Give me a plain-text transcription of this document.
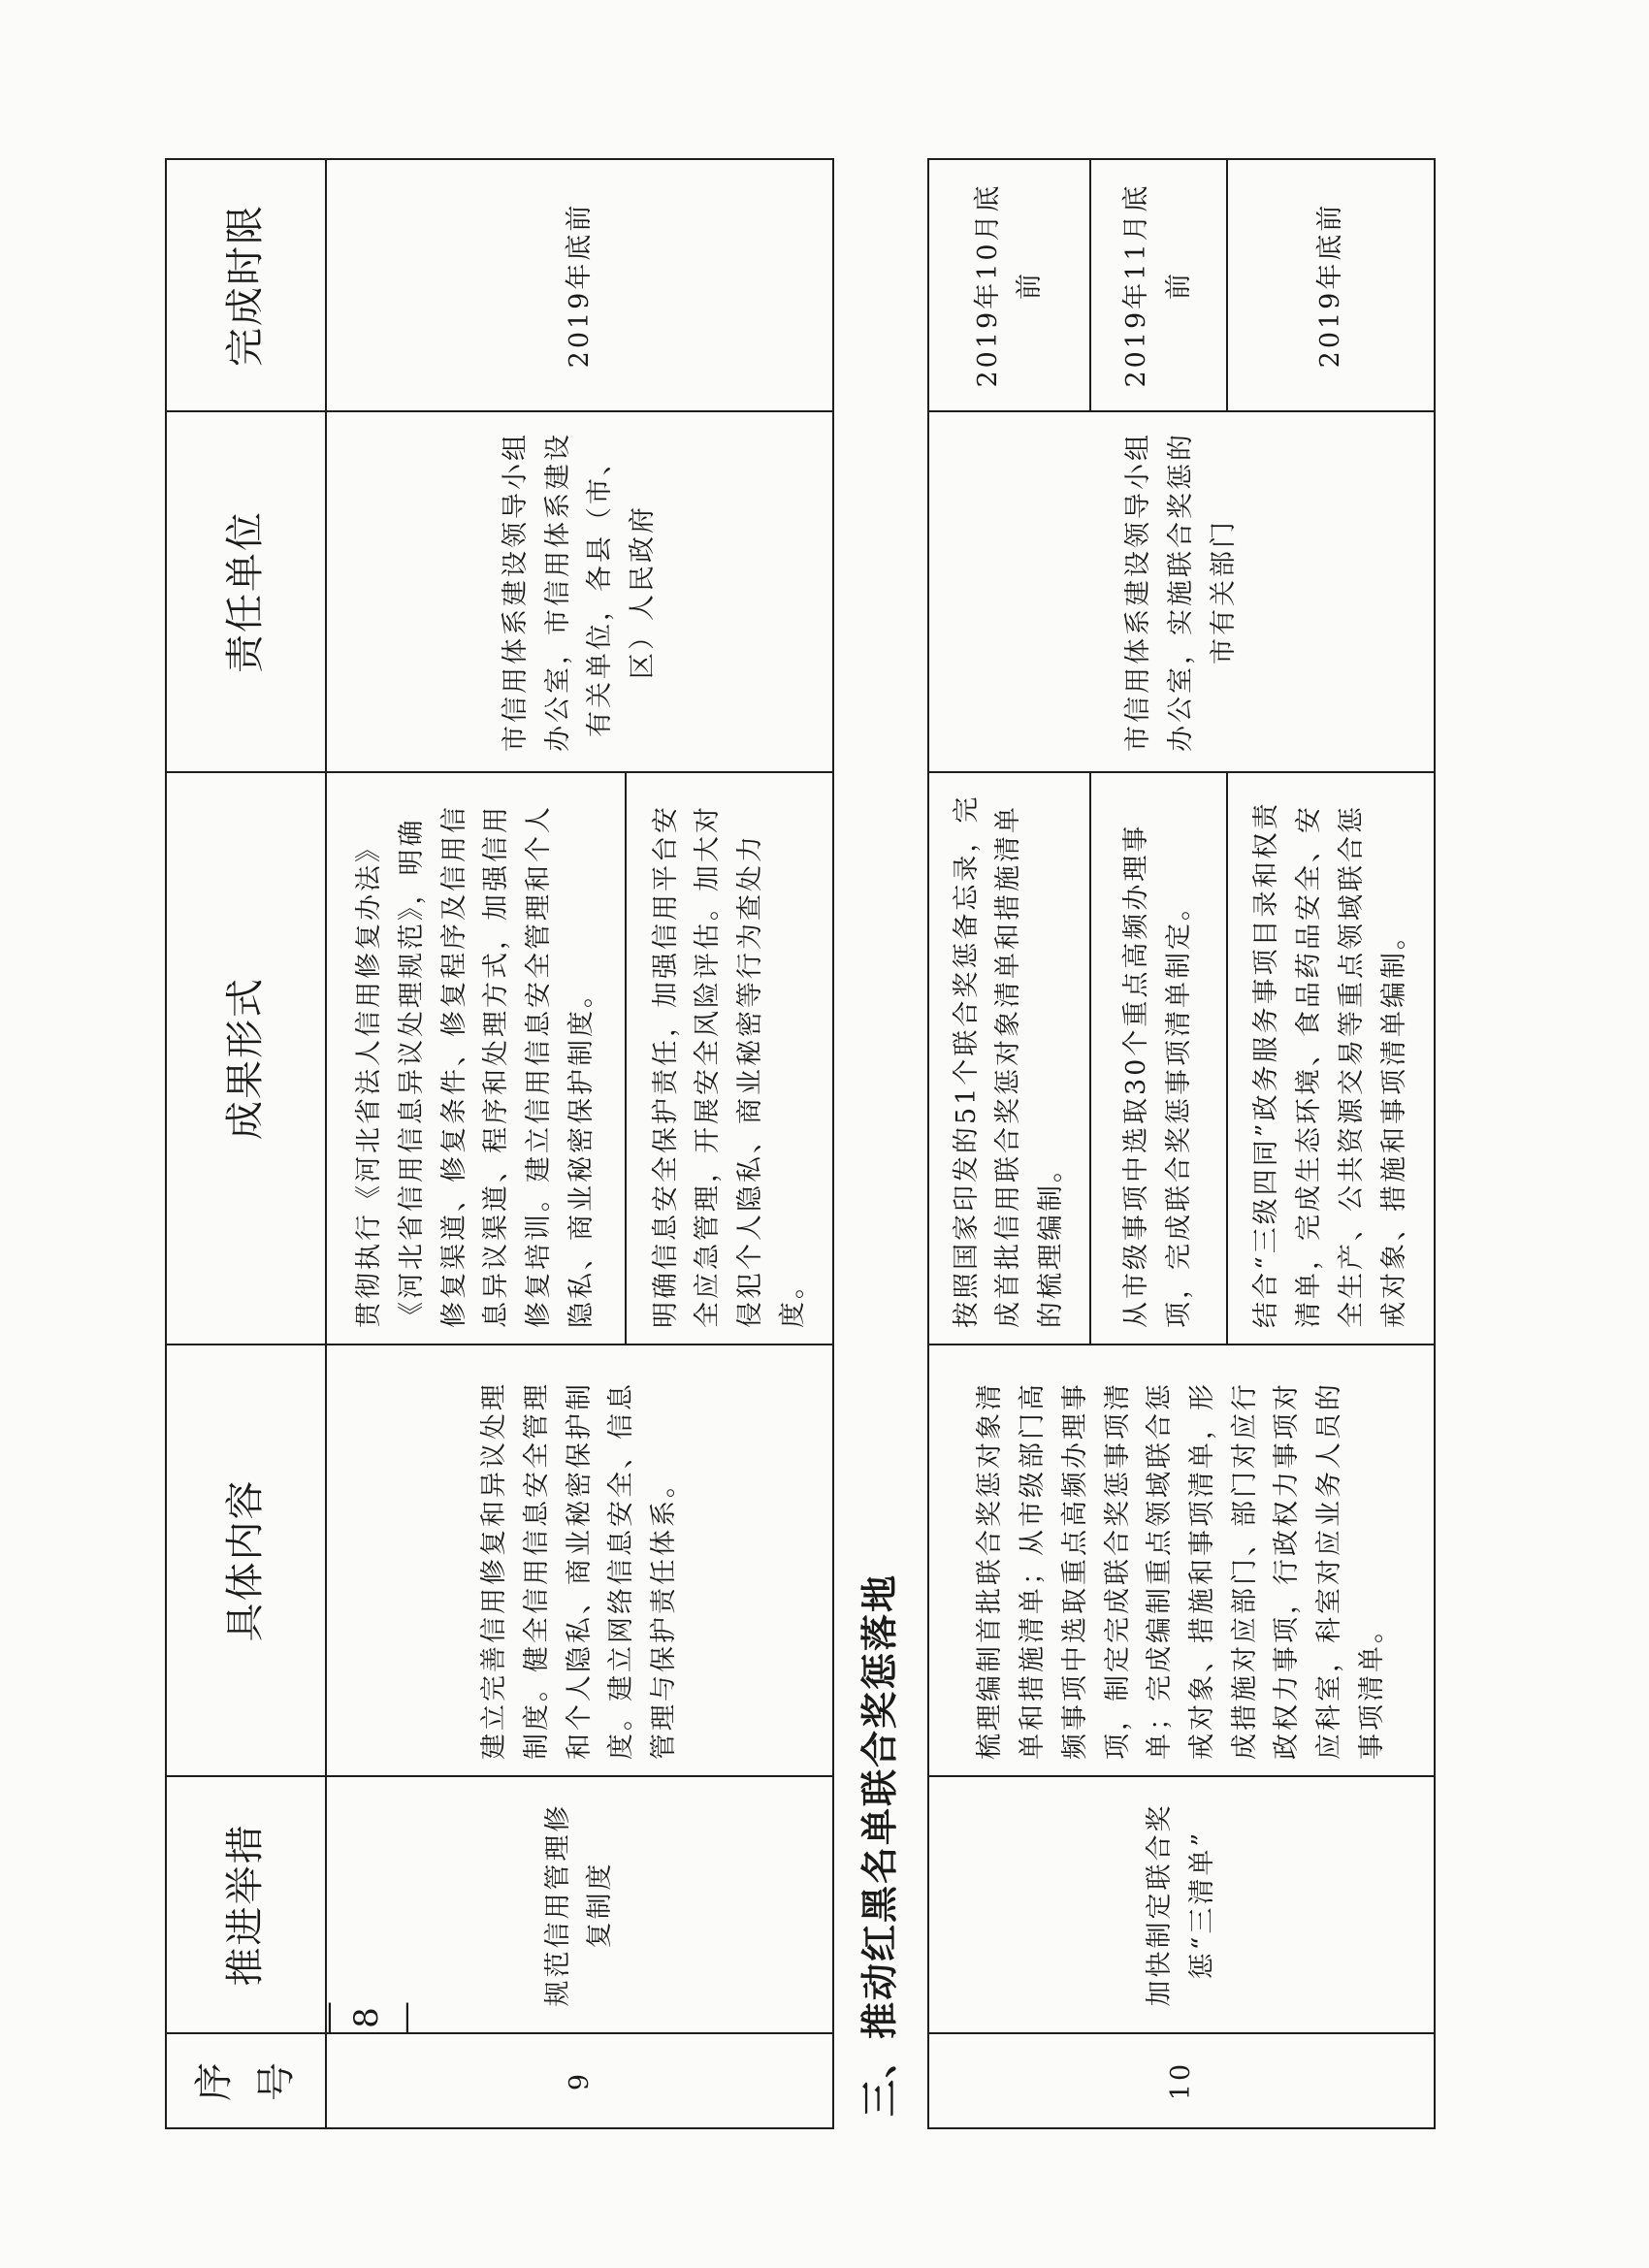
序号	推进举措	具体内容	成果形式	责任单位	完成时限
9	规范信用管理修复制度	建立完善信用修复和异议处理制度。健全信用信息安全管理和个人隐私、商业秘密保护制度。建立网络信息安全、信息管理与保护责任体系。	贯彻执行《河北省法人信用修复办法》《河北省信用信息异议处理规范》，明确修复渠道、修复条件、修复程序及信用信息异议渠道、程序和处理方式，加强信用修复培训。建立信用信息安全管理和个人隐私、商业秘密保护制度。	市信用体系建设领导小组办公室，市信用体系建设有关单位，各县（市、区）人民政府	2019年底前
			明确信息安全保护责任，加强信用平台安全应急管理，开展安全风险评估。加大对侵犯个人隐私、商业秘密等行为查处力度。		
三、推动红黑名单联合奖惩落地					
10	加快制定联合奖惩“三清单”	梳理编制首批联合奖惩对象清单和措施清单；从市级部门高频事项中选取重点高频办理事项，制定完成联合奖惩事项清单；完成编制重点领域联合惩戒对象、措施和事项清单，形成措施对应部门、部门对应行政权力事项，行政权力事项对应科室，科室对应业务人员的事项清单。	按照国家印发的51个联合奖惩备忘录，完成首批信用联合奖惩对象清单和措施清单的梳理编制。	市信用体系建设领导小组办公室，实施联合奖惩的市有关部门	2019年10月底前
			从市级事项中选取30个重点高频办理事项，完成联合奖惩事项清单制定。		2019年11月底前
			结合“三级四同”政务服务事项目录和权责清单，完成生态环境、食品药品安全、安全生产、公共资源交易等重点领域联合惩戒对象、措施和事项清单编制。		2019年底前
— 8 —
